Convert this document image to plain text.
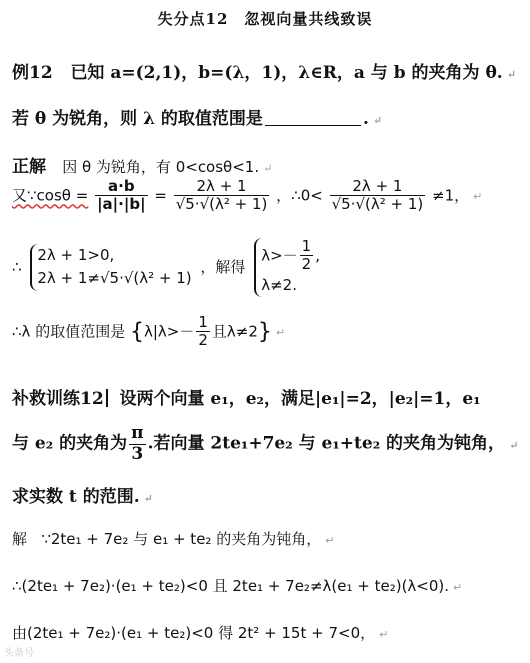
失分点12　忽视向量共线致误
例12 已知 a=(2,1)，b=(λ，1)，λ∈R，a 与 b 的夹角为 θ. ↵
若 θ 为锐角，则 λ 的取值范围是	. ↵
正解 因 θ 为锐角，有 0<cosθ<1. ↵
又∵cosθ = $\frac{a\cdot b}{|a|\cdot|b|} = \frac{2\lambda + 1}{\text{√5·√(λ² + 1)}}$ ，∴0< $\frac{2\lambda + 1}{\text{√5·√(λ² + 1)}} \ne 1$， ↵
∴
2λ + 1>0,
2λ + 1≠√5·√(λ² + 1)
，解得
$\lambda>- \frac{1}{2}$ ,
λ≠2.
∴λ 的取值范围是 {$\lambda|\lambda>- \frac{1}{2}$ 且λ≠2} ↵
补救训练12 设两个向量 e₁，e₂，满足|e₁|=2，|e₂|=1，e₁
与 e₂ 的夹角为 $\frac{\pi}{3}$ .若向量 2te₁+7e₂ 与 e₁+te₂ 的夹角为钝角， ↵
求实数 t 的范围. ↵
解 ∵2te₁ + 7e₂ 与 e₁ + te₂ 的夹角为钝角， ↵
∴(2te₁ + 7e₂)·(e₁ + te₂)<0 且 2te₁ + 7e₂≠λ(e₁ + te₂)(λ<0). ↵
由(2te₁ + 7e₂)·(e₁ + te₂)<0 得 2t² + 15t + 7<0， ↵
头条号
